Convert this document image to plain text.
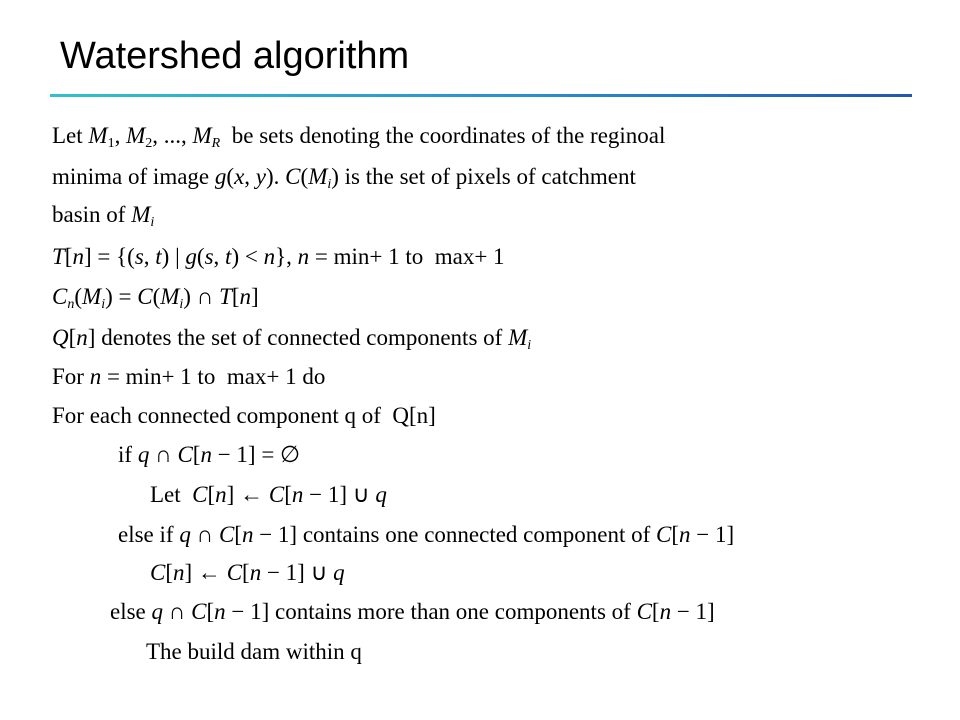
Watershed algorithm
Let $M_1$, $M_2$, ..., $M_R$  be sets denoting the coordinates of the reginoal
minima of image g(x, y). $C(M_i)$ is the set of pixels of catchment
basin of $M_i$
T[n] = {(s, t) | g(s, t) < n}, n = min+ 1 to  max+ 1
$C_n(M_i) = C(M_i)$ ∩ T[n]
Q[n] denotes the set of connected components of $M_i$
For n = min+ 1 to  max+ 1 do
For each connected component q of  Q[n]
if q ∩ C[n − 1] = ∅
Let  C[n] ← C[n − 1] ∪ q
else if q ∩ C[n − 1] contains one connected component of C[n − 1]
C[n] ← C[n − 1] ∪ q
else q ∩ C[n − 1] contains more than one components of C[n − 1]
The build dam within q
